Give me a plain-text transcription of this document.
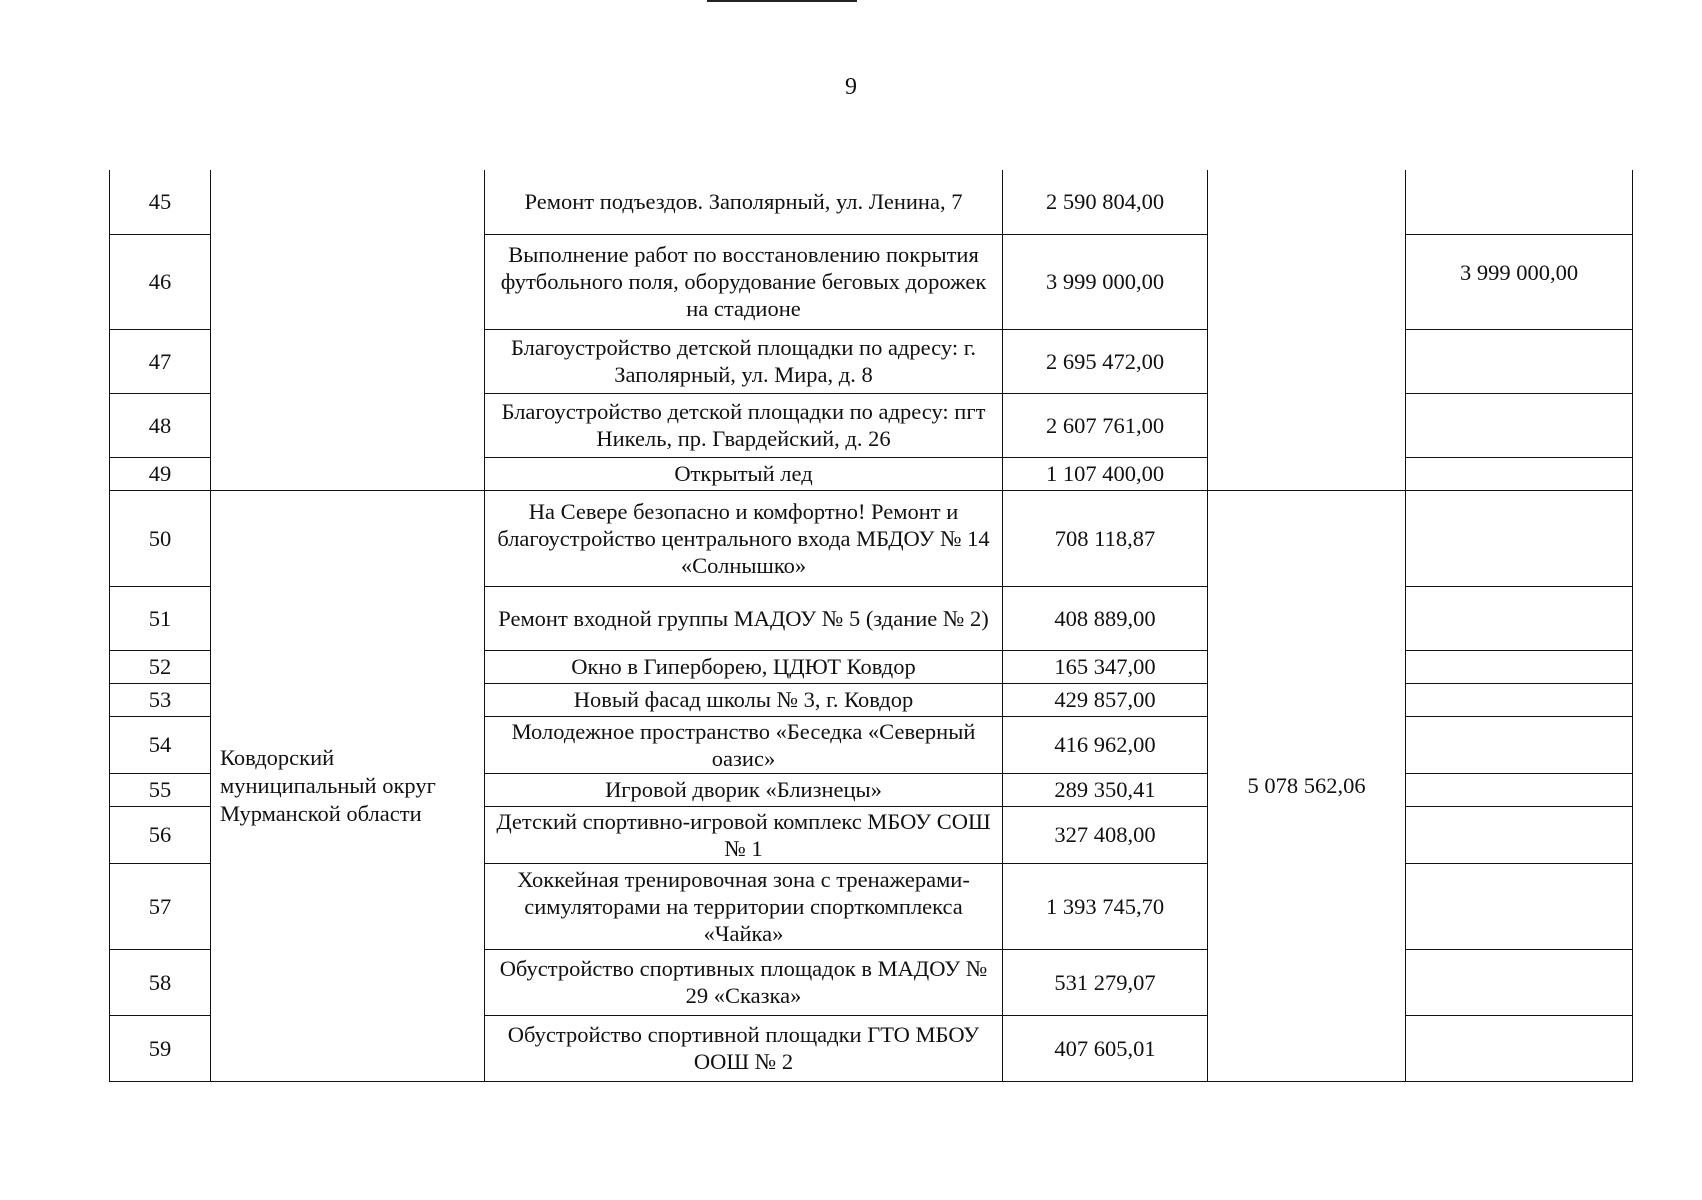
9
45		Ремонт подъездов. Заполярный, ул. Ленина, 7	2 590 804,00		
46		Выполнение работ по восстановлению покрытия футбольного поля, оборудование беговых дорожек на стадионе	3 999 000,00		3 999 000,00
47		Благоустройство детской площадки по адресу: г. Заполярный, ул. Мира, д. 8	2 695 472,00		
48		Благоустройство детской площадки по адресу: пгт Никель, пр. Гвардейский, д. 26	2 607 761,00		
49		Открытый лед	1 107 400,00		
50	Ковдорский муниципальный округ Мурманской области	На Севере безопасно и комфортно! Ремонт и благоустройство центрального входа МБДОУ № 14 «Солнышко»	708 118,87	5 078 562,06	
51		Ремонт входной группы МАДОУ № 5 (здание № 2)	408 889,00		
52		Окно в Гиперборею, ЦДЮТ Ковдор	165 347,00		
53		Новый фасад школы № 3, г. Ковдор	429 857,00		
54		Молодежное пространство «Беседка «Северный оазис»	416 962,00		
55		Игровой дворик «Близнецы»	289 350,41		
56		Детский спортивно-игровой комплекс МБОУ СОШ № 1	327 408,00		
57		Хоккейная тренировочная зона с тренажерами-симуляторами на территории спорткомплекса «Чайка»	1 393 745,70		
58		Обустройство спортивных площадок в МАДОУ № 29 «Сказка»	531 279,07		
59		Обустройство спортивной площадки ГТО МБОУ ООШ № 2	407 605,01		
